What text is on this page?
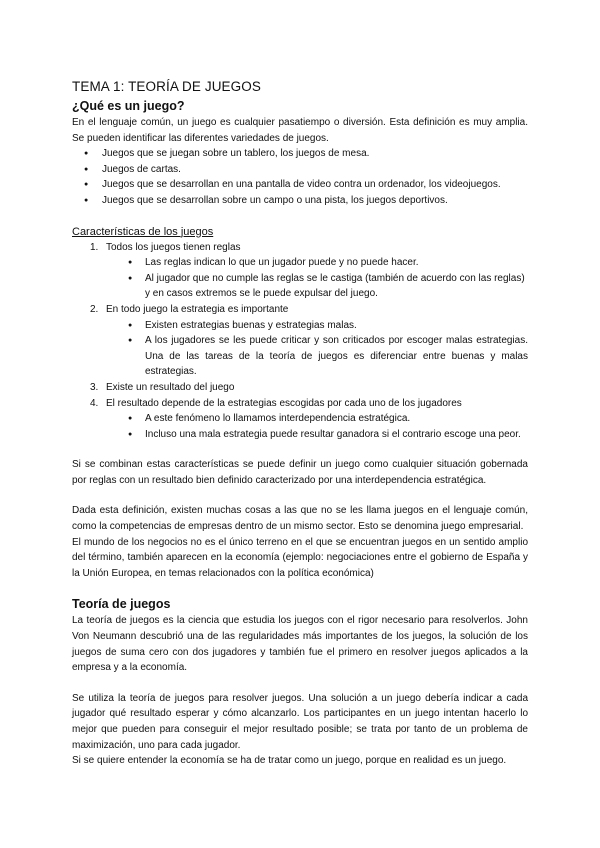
TEMA 1: TEORÍA DE JUEGOS
¿Qué es un juego?

En el lenguaje común, un juego es cualquier pasatiempo o diversión. Esta definición es muy amplia. Se pueden identificar las diferentes variedades de juegos.

● Juegos que se juegan sobre un tablero, los juegos de mesa.
● Juegos de cartas.
● Juegos que se desarrollan en una pantalla de video contra un ordenador, los videojuegos.
● Juegos que se desarrollan sobre un campo o una pista, los juegos deportivos.

Características de los juegos

1. Todos los juegos tienen reglas
● Las reglas indican lo que un jugador puede y no puede hacer.
● Al jugador que no cumple las reglas se le castiga (también de acuerdo con las reglas) y en casos extremos se le puede expulsar del juego.
2. En todo juego la estrategia es importante
● Existen estrategias buenas y estrategias malas.
● A los jugadores se les puede criticar y son criticados por escoger malas estrategias. Una de las tareas de la teoría de juegos es diferenciar entre buenas y malas estrategias.
3. Existe un resultado del juego
4. El resultado depende de la estrategias escogidas por cada uno de los jugadores
● A este fenómeno lo llamamos interdependencia estratégica.
● Incluso una mala estrategia puede resultar ganadora si el contrario escoge una peor.

Si se combinan estas características se puede definir un juego como cualquier situación gobernada por reglas con un resultado bien definido caracterizado por una interdependencia estratégica.

Dada esta definición, existen muchas cosas a las que no se les llama juegos en el lenguaje común, como la competencias de empresas dentro de un mismo sector. Esto se denomina juego empresarial.

El mundo de los negocios no es el único terreno en el que se encuentran juegos en un sentido amplio del término, también aparecen en la economía (ejemplo: negociaciones entre el gobierno de España y la Unión Europea, en temas relacionados con la política económica)

Teoría de juegos

La teoría de juegos es la ciencia que estudia los juegos con el rigor necesario para resolverlos. John Von Neumann descubrió una de las regularidades más importantes de los juegos, la solución de los juegos de suma cero con dos jugadores y también fue el primero en resolver juegos aplicados a la empresa y a la economía.

Se utiliza la teoría de juegos para resolver juegos. Una solución a un juego debería indicar a cada jugador qué resultado esperar y cómo alcanzarlo. Los participantes en un juego intentan hacerlo lo mejor que pueden para conseguir el mejor resultado posible; se trata por tanto de un problema de maximización, uno para cada jugador.

Si se quiere entender la economía se ha de tratar como un juego, porque en realidad es un juego.
